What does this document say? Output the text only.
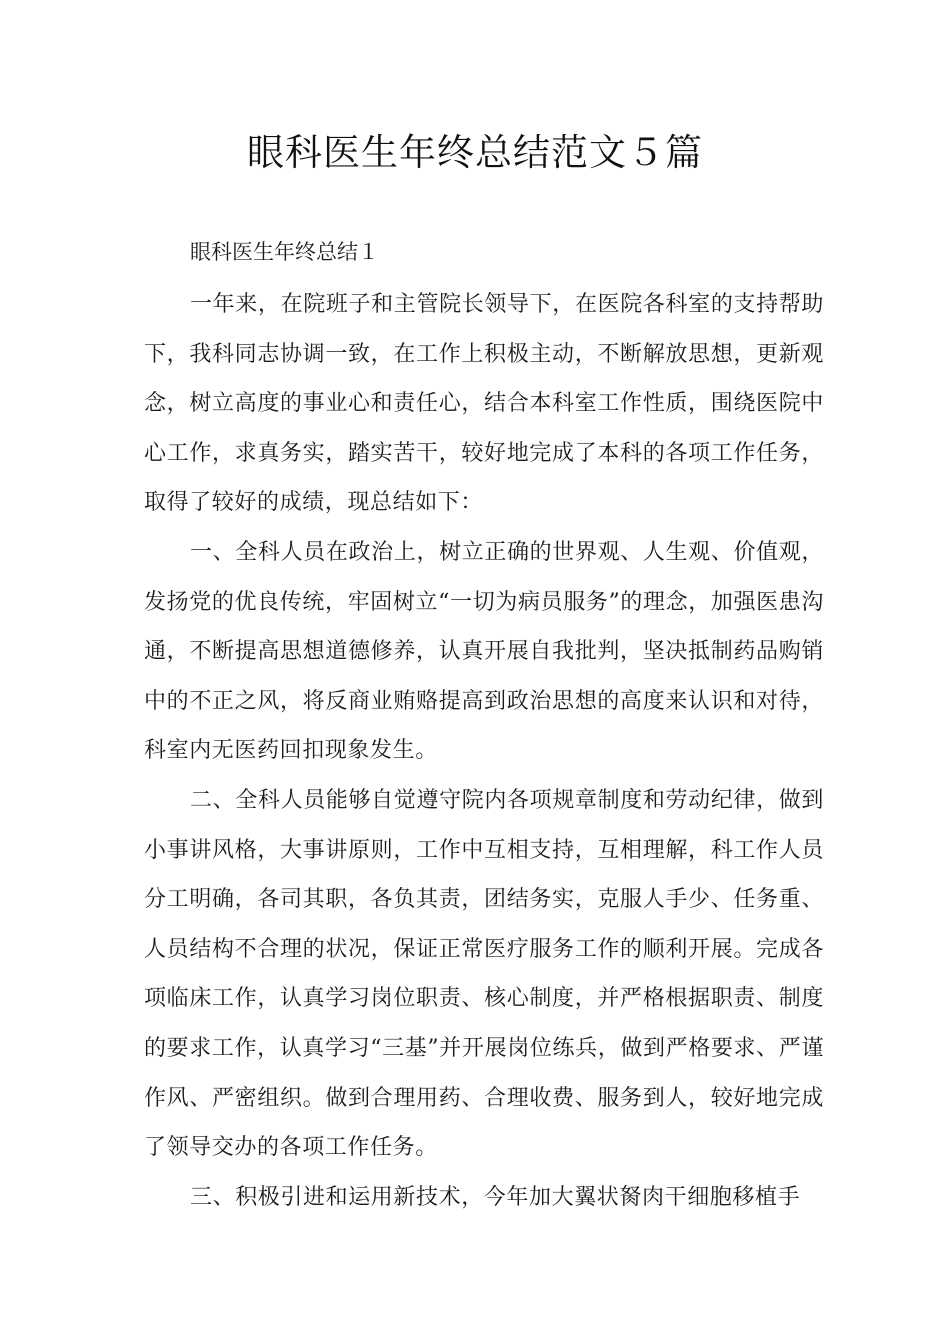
眼科医生年终总结范文５篇

眼科医生年终总结１

一年来，在院班子和主管院长领导下，在医院各科室的支持帮助下，我科同志协调一致，在工作上积极主动，不断解放思想，更新观念，树立高度的事业心和责任心，结合本科室工作性质，围绕医院中心工作，求真务实，踏实苦干，较好地完成了本科的各项工作任务，取得了较好的成绩，现总结如下：

一、全科人员在政治上，树立正确的世界观、人生观、价值观，发扬党的优良传统，牢固树立“一切为病员服务”的理念，加强医患沟通，不断提高思想道德修养，认真开展自我批判，坚决抵制药品购销中的不正之风，将反商业贿赂提高到政治思想的高度来认识和对待，科室内无医药回扣现象发生。

二、全科人员能够自觉遵守院内各项规章制度和劳动纪律，做到小事讲风格，大事讲原则，工作中互相支持，互相理解，科工作人员分工明确，各司其职，各负其责，团结务实，克服人手少、任务重、人员结构不合理的状况，保证正常医疗服务工作的顺利开展。完成各项临床工作，认真学习岗位职责、核心制度，并严格根据职责、制度的要求工作，认真学习“三基”并开展岗位练兵，做到严格要求、严谨作风、严密组织。做到合理用药、合理收费、服务到人，较好地完成了领导交办的各项工作任务。

三、积极引进和运用新技术，今年加大翼状胬肉干细胞移植手
